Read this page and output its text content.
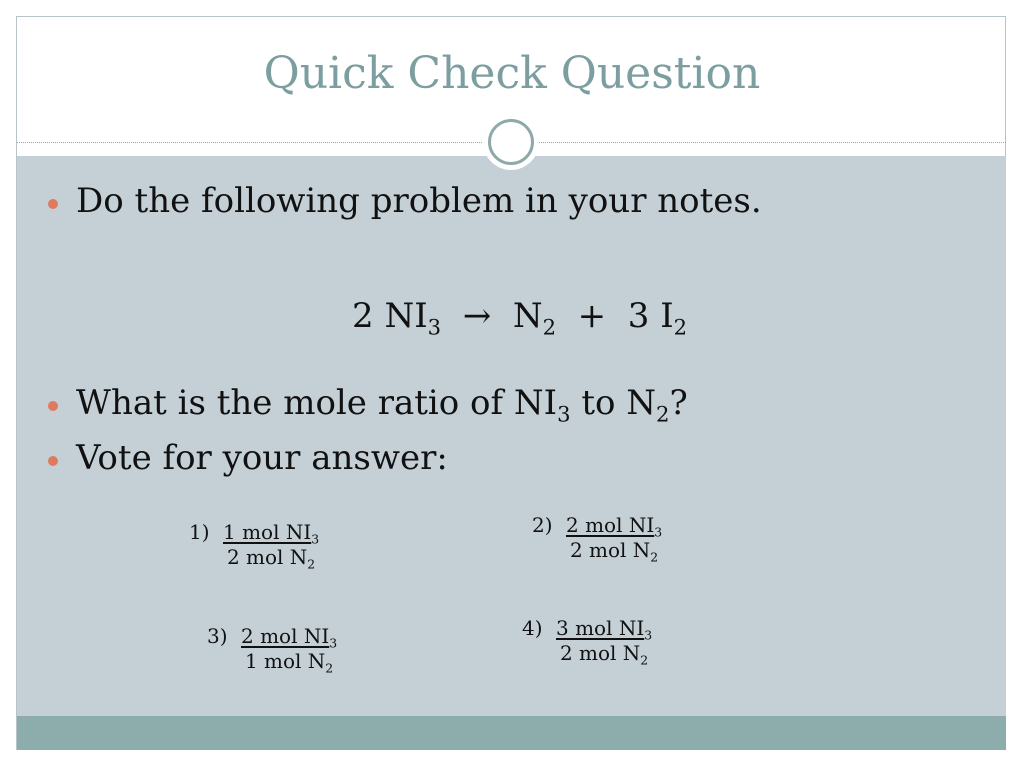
Quick Check Question
Do the following problem in your notes.
2 $NI_3 \to N_2 + 3$ $I_2$
What is the mole ratio of $NI_3$ to $N_2$?
Vote for your answer:
$1) \frac{1 mol NI_3}{2 mol N_2}$	$2) \frac{2 mol NI_3}{2 mol N_2}$
$3) \frac{2 mol NI_3}{1 mol N_2}$	$4) \frac{3 mol NI_3}{2 mol N_2}$
